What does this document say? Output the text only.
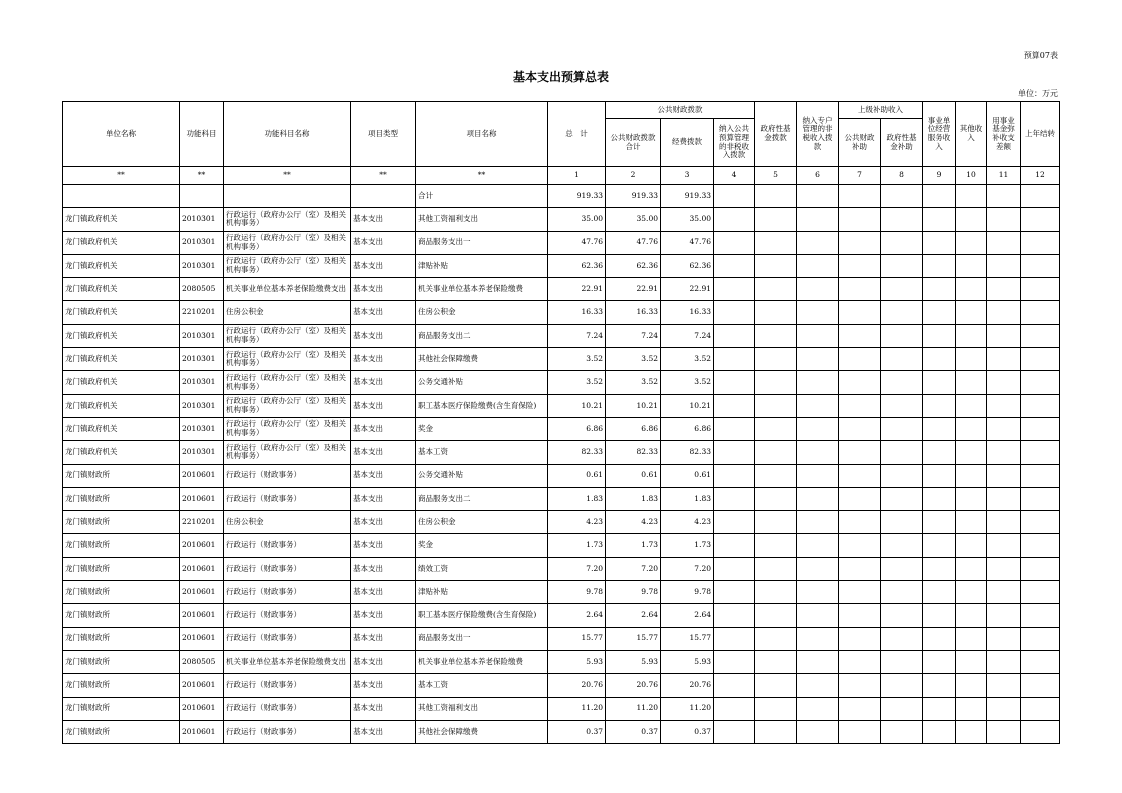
预算07表
基本支出预算总表
单位：万元
单位名称	功能科目	功能科目名称	项目类型	项目名称	总　计	公共财政拨款			政府性基金拨款	纳入专户管理的非税收入拨款	上级补助收入		事业单位经营服务收入	其他收入	用事业基金弥补收支差额	上年结转
						公共财政拨款合计	经费拨款	纳入公共预算管理的非税收入拨款			公共财政补助	政府性基金补助				
**	**	**	**	**	1	2	3	4	5	6	7	8	9	10	11	12
				合计	919.33	919.33	919.33									
龙门镇政府机关	2010301	行政运行（政府办公厅（室）及相关机构事务）	基本支出	其他工资福利支出	35.00	35.00	35.00									
龙门镇政府机关	2010301	行政运行（政府办公厅（室）及相关机构事务）	基本支出	商品服务支出一	47.76	47.76	47.76									
龙门镇政府机关	2010301	行政运行（政府办公厅（室）及相关机构事务）	基本支出	津贴补贴	62.36	62.36	62.36									
龙门镇政府机关	2080505	机关事业单位基本养老保险缴费支出	基本支出	机关事业单位基本养老保险缴费	22.91	22.91	22.91									
龙门镇政府机关	2210201	住房公积金	基本支出	住房公积金	16.33	16.33	16.33									
龙门镇政府机关	2010301	行政运行（政府办公厅（室）及相关机构事务）	基本支出	商品服务支出二	7.24	7.24	7.24									
龙门镇政府机关	2010301	行政运行（政府办公厅（室）及相关机构事务）	基本支出	其他社会保障缴费	3.52	3.52	3.52									
龙门镇政府机关	2010301	行政运行（政府办公厅（室）及相关机构事务）	基本支出	公务交通补贴	3.52	3.52	3.52									
龙门镇政府机关	2010301	行政运行（政府办公厅（室）及相关机构事务）	基本支出	职工基本医疗保险缴费(含生育保险)	10.21	10.21	10.21									
龙门镇政府机关	2010301	行政运行（政府办公厅（室）及相关机构事务）	基本支出	奖金	6.86	6.86	6.86									
龙门镇政府机关	2010301	行政运行（政府办公厅（室）及相关机构事务）	基本支出	基本工资	82.33	82.33	82.33									
龙门镇财政所	2010601	行政运行（财政事务）	基本支出	公务交通补贴	0.61	0.61	0.61									
龙门镇财政所	2010601	行政运行（财政事务）	基本支出	商品服务支出二	1.83	1.83	1.83									
龙门镇财政所	2210201	住房公积金	基本支出	住房公积金	4.23	4.23	4.23									
龙门镇财政所	2010601	行政运行（财政事务）	基本支出	奖金	1.73	1.73	1.73									
龙门镇财政所	2010601	行政运行（财政事务）	基本支出	绩效工资	7.20	7.20	7.20									
龙门镇财政所	2010601	行政运行（财政事务）	基本支出	津贴补贴	9.78	9.78	9.78									
龙门镇财政所	2010601	行政运行（财政事务）	基本支出	职工基本医疗保险缴费(含生育保险)	2.64	2.64	2.64									
龙门镇财政所	2010601	行政运行（财政事务）	基本支出	商品服务支出一	15.77	15.77	15.77									
龙门镇财政所	2080505	机关事业单位基本养老保险缴费支出	基本支出	机关事业单位基本养老保险缴费	5.93	5.93	5.93									
龙门镇财政所	2010601	行政运行（财政事务）	基本支出	基本工资	20.76	20.76	20.76									
龙门镇财政所	2010601	行政运行（财政事务）	基本支出	其他工资福利支出	11.20	11.20	11.20									
龙门镇财政所	2010601	行政运行（财政事务）	基本支出	其他社会保障缴费	0.37	0.37	0.37									
